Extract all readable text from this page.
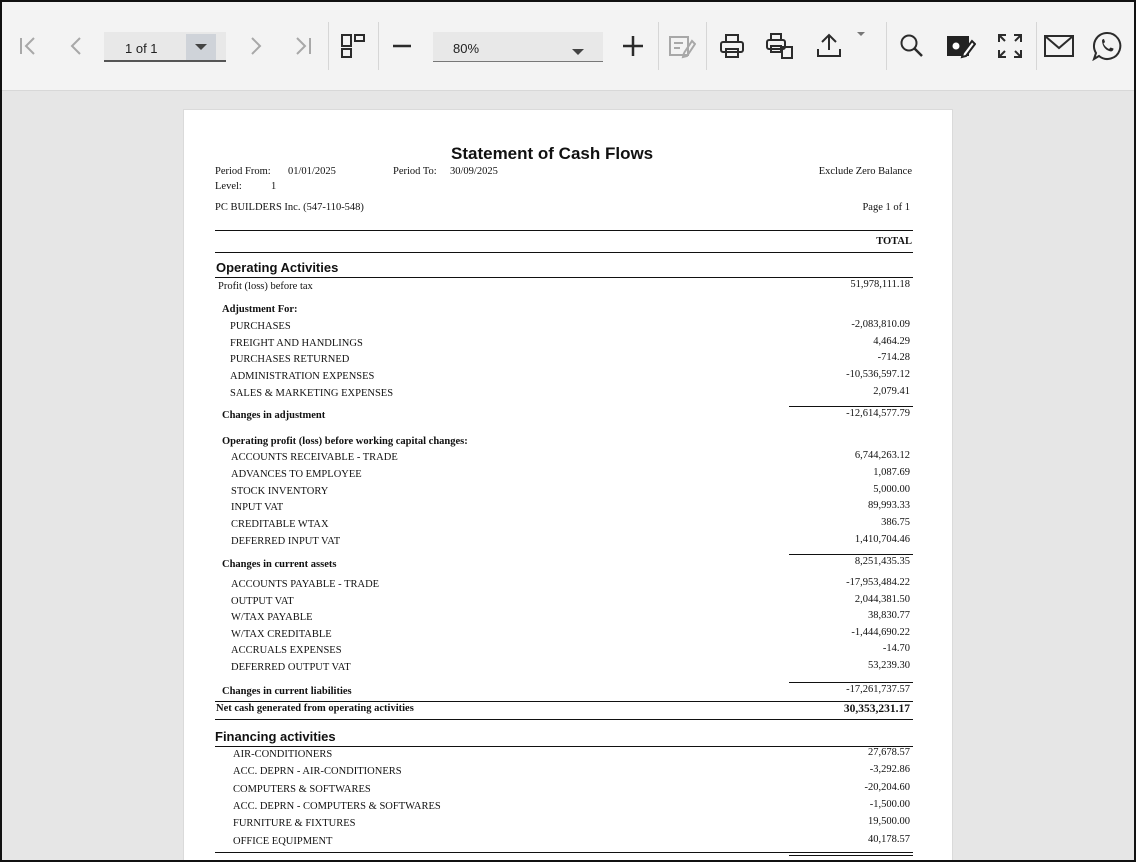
1 of 1	80%
Statement of Cash Flows
Period From: 01/01/2025	Period To: 30/09/2025	Exclude Zero Balance
Level:	1
PC BUILDERS Inc. (547-110-548)	Page 1 of 1
TOTAL
Operating Activities
Profit (loss) before tax	51,978,111.18
Adjustment For:
PURCHASES	-2,083,810.09
FREIGHT AND HANDLINGS	4,464.29
PURCHASES RETURNED	-714.28
ADMINISTRATION EXPENSES	-10,536,597.12
SALES & MARKETING EXPENSES	2,079.41
Changes in adjustment	-12,614,577.79
Operating profit (loss) before working capital changes:
ACCOUNTS RECEIVABLE - TRADE	6,744,263.12
ADVANCES TO EMPLOYEE	1,087.69
STOCK INVENTORY	5,000.00
INPUT VAT	89,993.33
CREDITABLE WTAX	386.75
DEFERRED INPUT VAT	1,410,704.46
Changes in current assets	8,251,435.35
ACCOUNTS PAYABLE - TRADE	-17,953,484.22
OUTPUT VAT	2,044,381.50
W/TAX PAYABLE	38,830.77
W/TAX CREDITABLE	-1,444,690.22
ACCRUALS EXPENSES	-14.70
DEFERRED OUTPUT VAT	53,239.30
Changes in current liabilities	-17,261,737.57
Net cash generated from operating activities	30,353,231.17
Financing activities
AIR-CONDITIONERS	27,678.57
ACC. DEPRN - AIR-CONDITIONERS	-3,292.86
COMPUTERS & SOFTWARES	-20,204.60
ACC. DEPRN - COMPUTERS & SOFTWARES	-1,500.00
FURNITURE & FIXTURES	19,500.00
OFFICE EQUIPMENT	40,178.57
